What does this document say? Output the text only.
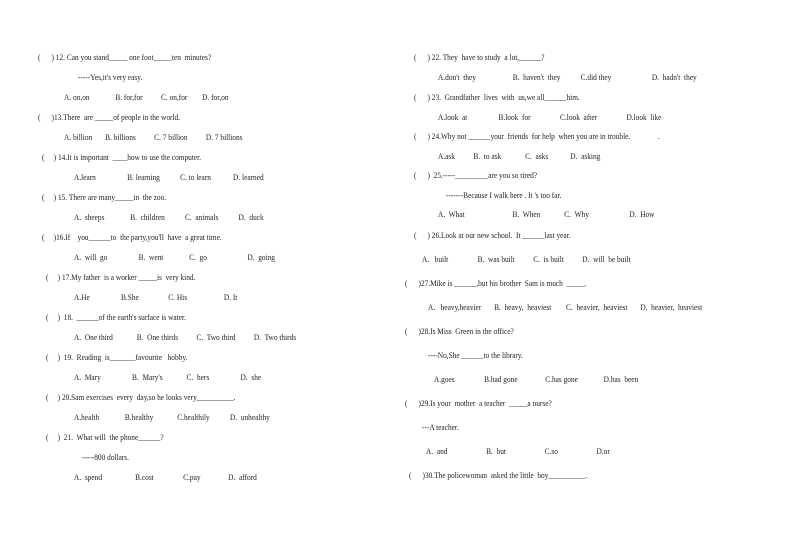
(      ) 12. Can you stand_____ one foot_____ten  minutes?
-----Yes,it's very easy.
A. on,on              B. for,for          C. on,for        D. for,on
(      )13.There  are _____of people in the world.
A. billion       B. billions          C. 7 billion          D. 7 billions
(     ) 14.It is important  ____how to use the computer.
A.learn                 B. learning           C. to learn            D. learned
(     ) 15. There are many_____in  the zoo.
A.  sheeps              B.  children           C.  animals           D.  duck
(     )16.If    you______to  the party,you'll  have  a great time.
A.  will  go                 B.  went              C.  go                      D.  going
(     ) 17.My father  is a worker _____is  very kind.
A.He                 B.She                C. His                    D. It
(     )  18.  ______of the earth's surface is water.
A.  One third             B.  One thirds          C.  Two third          D.  Two thirds
(     )  19.  Reading  is_______favourite   hobby.
A.  Mary                 B.  Mary's             C.  hers                 D.  she
(     ) 20.Sam exercises  every  day,so he looks very__________.
A.health              B.healthy             C.healthily           D.  unhealthy
(     )  21.  What will  the phone______?
-----800 dollars.
A.  spend                  B.cost                C.pay               D.  afford
(      ) 22. They  have to study  a lot,______?
A.don't  they                    B.  haven't  they           C.did they                      D.  hadn't  they
(      ) 23.  Grandfather  lives  with  us,we all______him.
A.look  at                 B.look  for                C.look  after                D.look  like
(      ) 24.Why not ______your  friends  for help  when you are in trouble.               .
A.ask          B.  to ask             C.  asks            D.  asking
(      )  25.-----_________are you so tired?
-------Because I walk here . It 's too far.
A.  What                          B.  When             C.  Why                      D.  How
(      ) 26.Look at our new school.  It ______last year.
A.   built                B.  was built          C.  is built          D.  will  be built
(      )27.Mike is ______,but his brother  Sam is much  _____.
A.   heavy,heavier       B.  heavy,  heaviest        C.  heavier,  heaviest       D.  heavier,  heaviest
(      )28.Is Miss  Green in the office?
----No,She ______to the library.
A.goes                B.had gone               C.has gone              D.has  been
(      )29.Is your  mother  a teacher  _____a nurse?
---A teacher.
A.  and                     B.  but                     C.so                     D.or
(      )30.The policewoman  asked the little  boy__________.
